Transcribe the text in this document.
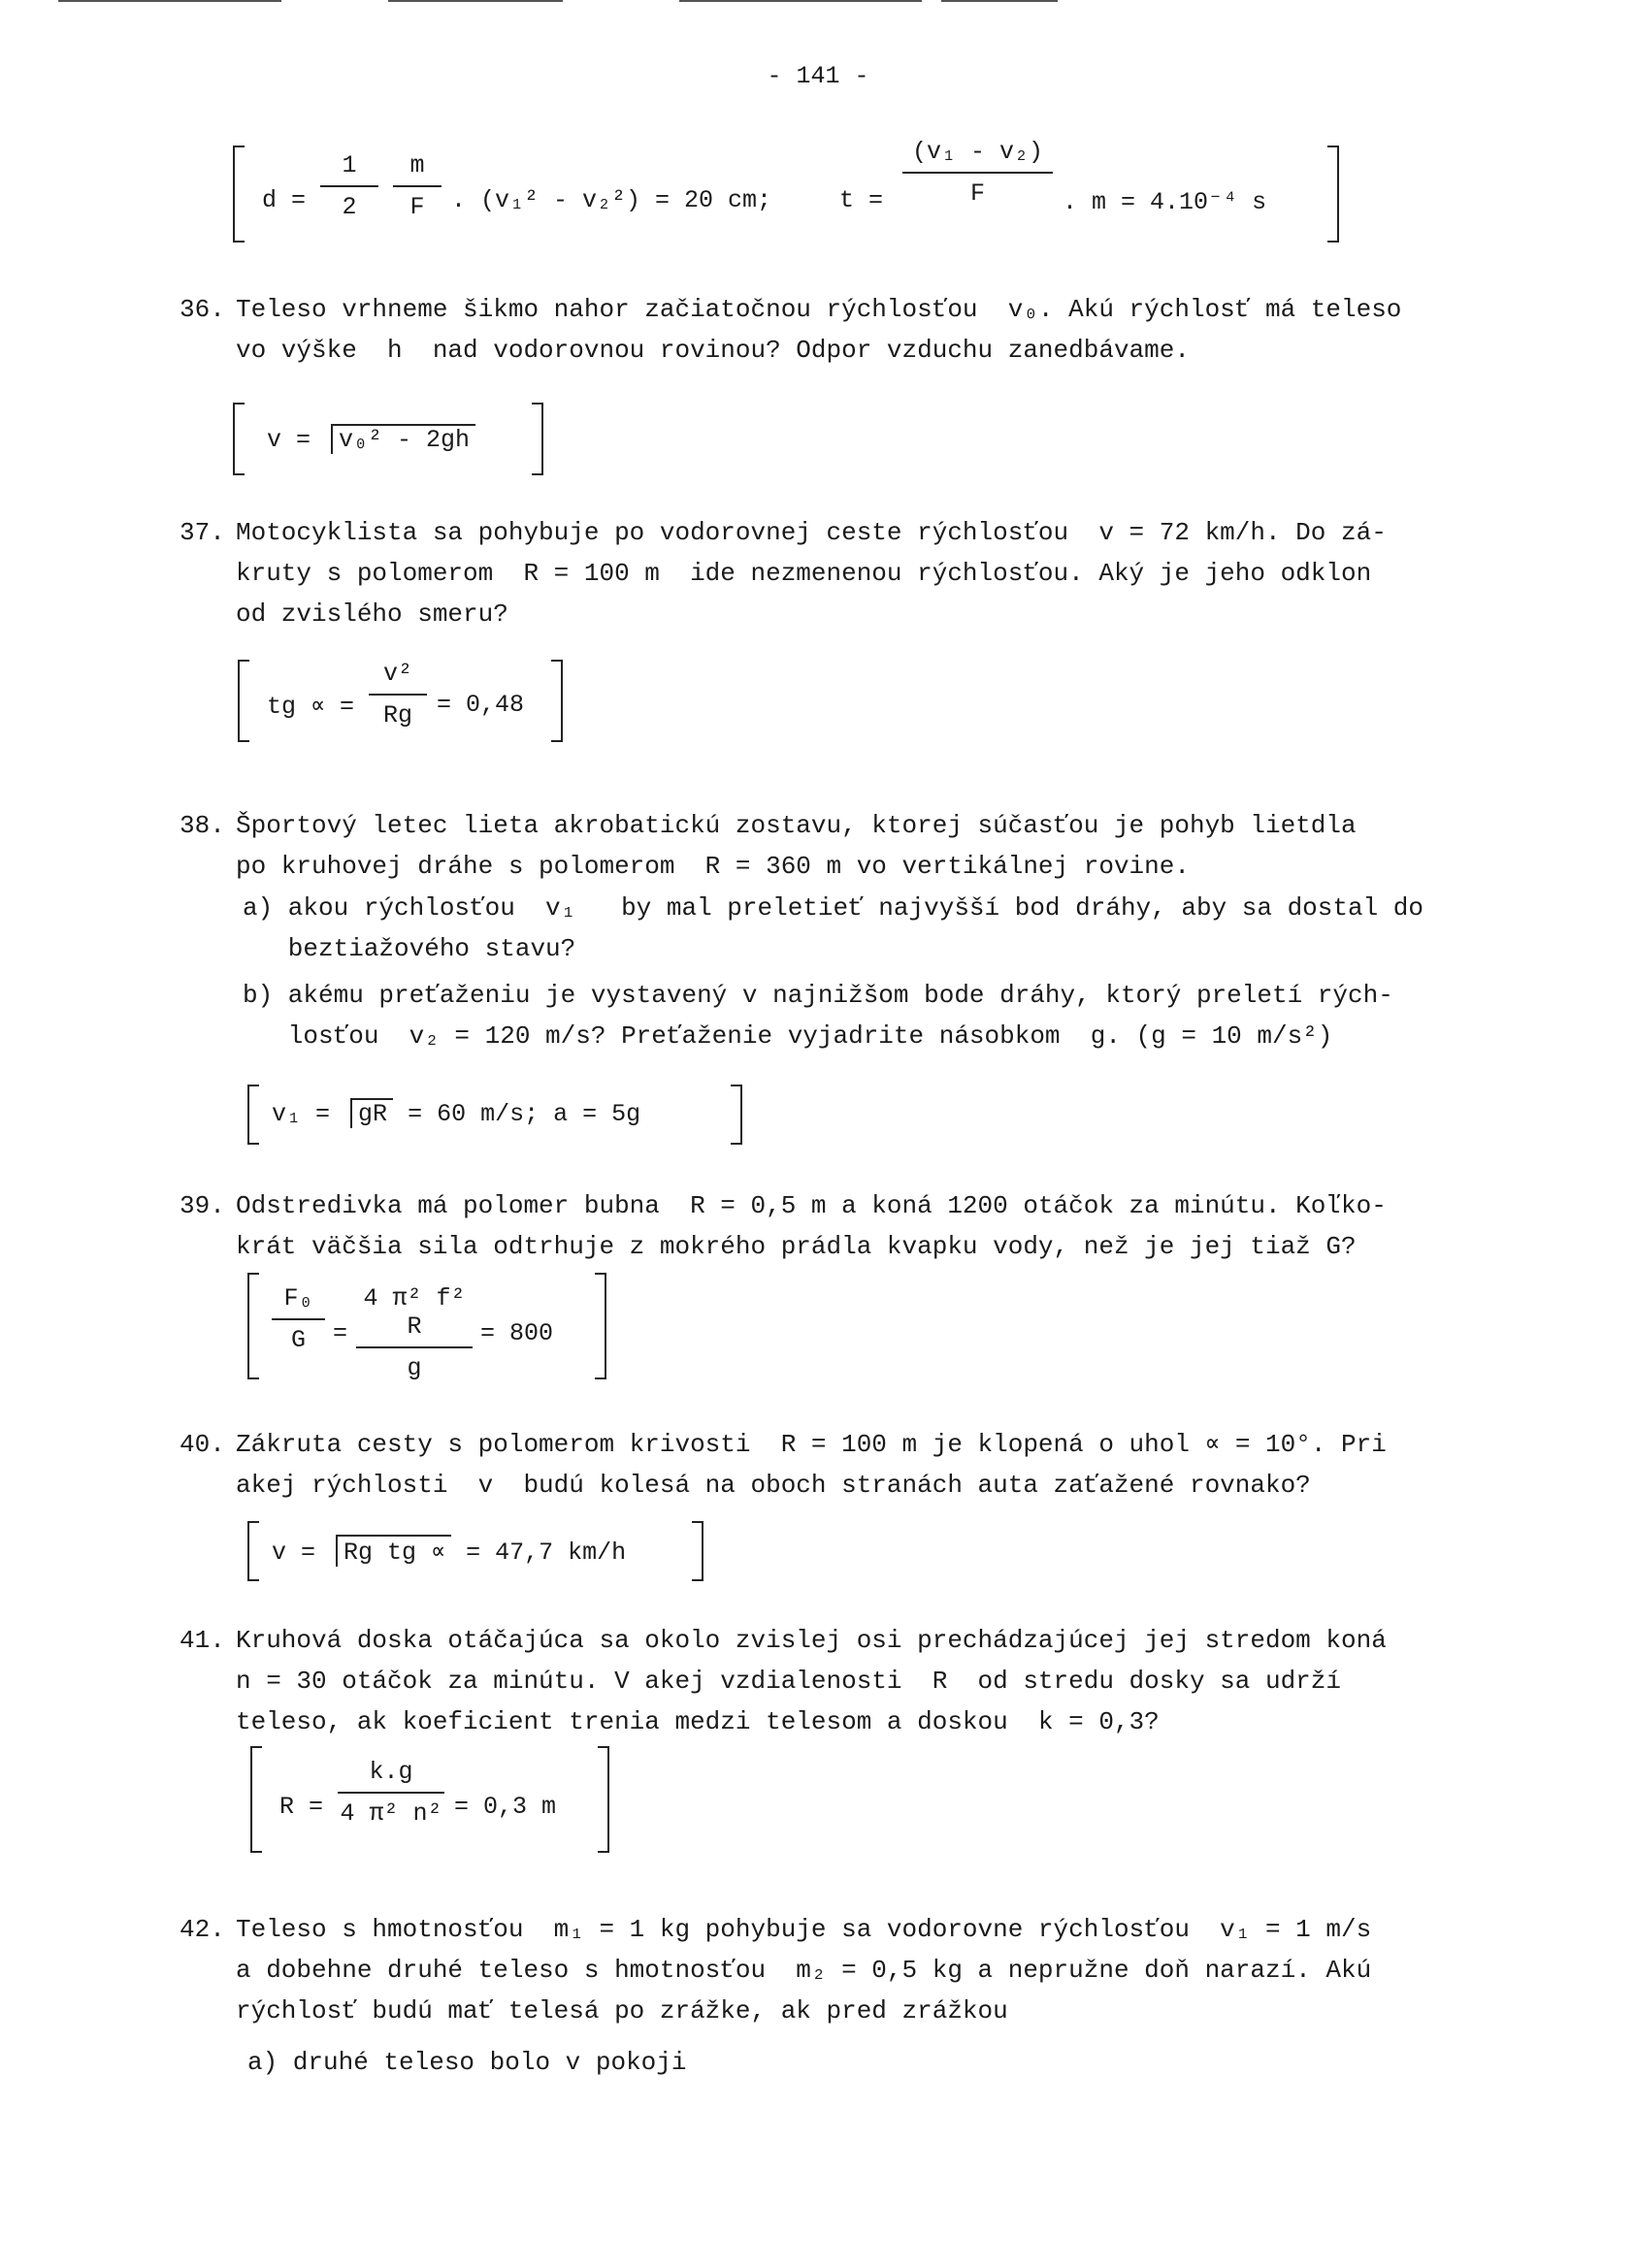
- 141 -
d =
1
2
m
F	. (v₁² - v₂²) = 20 cm;	t =
(v₁ - v₂)
F	. m = 4.10⁻⁴ s
36. Teleso vrhneme šikmo nahor začiatočnou rýchlosťou  v₀. Akú rýchlosť má teleso
vo výške  h  nad vodorovnou rovinou? Odpor vzduchu zanedbávame.
v = v₀² - 2gh
37. Motocyklista sa pohybuje po vodorovnej ceste rýchlosťou  v = 72 km/h. Do zá-
kruty s polomerom  R = 100 m  ide nezmenenou rýchlosťou. Aký je jeho odklon
od zvislého smeru?
tg ∝ =
v²
Rg	= 0,48
38. Športový letec lieta akrobatickú zostavu, ktorej súčasťou je pohyb lietdla
po kruhovej dráhe s polomerom  R = 360 m vo vertikálnej rovine.
a) akou rýchlosťou  v₁   by mal preletieť najvyšší bod dráhy, aby sa dostal do
beztiažového stavu?
b) akému preťaženiu je vystavený v najnižšom bode dráhy, ktorý preletí rých-
losťou  v₂ = 120 m/s? Preťaženie vyjadrite násobkom  g. (g = 10 m/s²)
v₁ = gR = 60 m/s; a = 5g
39. Odstredivka má polomer bubna  R = 0,5 m a koná 1200 otáčok za minútu. Koľko-
krát väčšia sila odtrhuje z mokrého prádla kvapku vody, než je jej tiaž G?
F₀
G	=
4 π² f² R
g
= 800
40. Zákruta cesty s polomerom krivosti  R = 100 m je klopená o uhol ∝ = 10°. Pri
akej rýchlosti  v  budú kolesá na oboch stranách auta zaťažené rovnako?
v = Rg tg ∝ = 47,7 km/h
41. Kruhová doska otáčajúca sa okolo zvislej osi prechádzajúcej jej stredom koná
n = 30 otáčok za minútu. V akej vzdialenosti  R  od stredu dosky sa udrží
teleso, ak koeficient trenia medzi telesom a doskou  k = 0,3?
R =
k.g
4 π² n² = 0,3 m
42. Teleso s hmotnosťou  m₁ = 1 kg pohybuje sa vodorovne rýchlosťou  v₁ = 1 m/s
a dobehne druhé teleso s hmotnosťou  m₂ = 0,5 kg a nepružne doň narazí. Akú
rýchlosť budú mať telesá po zrážke, ak pred zrážkou
a) druhé teleso bolo v pokoji
